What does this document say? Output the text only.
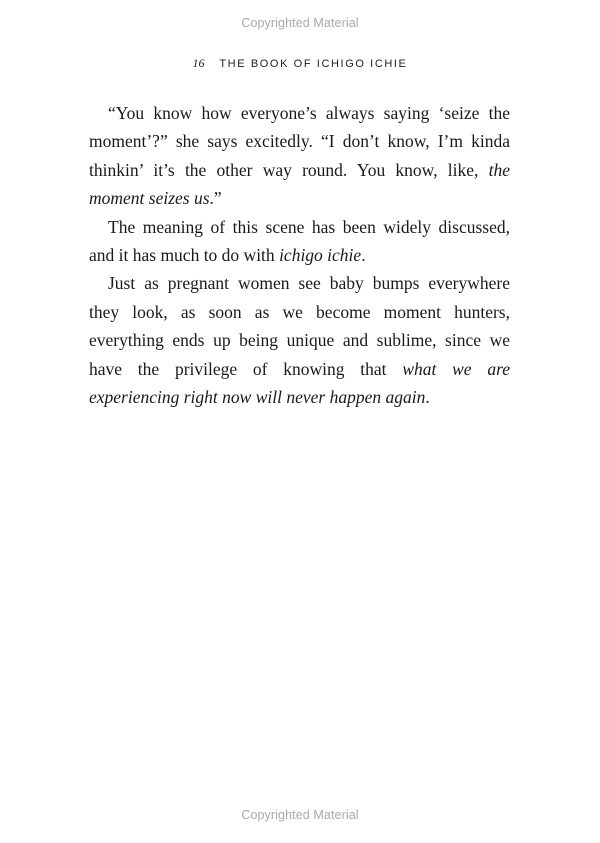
Copyrighted Material
16 THE BOOK OF ICHIGO ICHIE

“You know how everyone’s always saying ‘seize the moment’?” she says excitedly. “I don’t know, I’m kinda thinkin’ it’s the other way round. You know, like, the moment seizes us.”

The meaning of this scene has been widely discussed, and it has much to do with ichigo ichie.

Just as pregnant women see baby bumps everywhere they look, as soon as we become moment hunters, everything ends up being unique and sublime, since we have the privilege of knowing that what we are experiencing right now will never happen again.

Copyrighted Material
